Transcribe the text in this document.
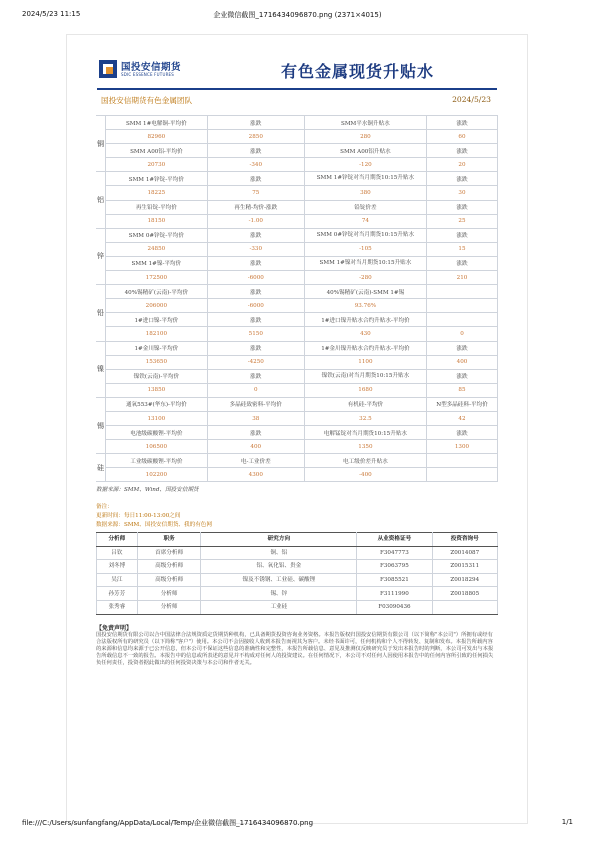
2024/5/23 11:15	企业微信截图_1716434096870.png (2371×4015)
国投安信期货
SDIC ESSENCE FUTURES	有色金属现货升贴水
国投安信期货有色金属团队	2024/5/23
铜	SMM 1#电解铜-平均价	涨跌	SMM平水铜升贴水	涨跌
	82960	2850	280	60
	SMM A00铝-平均价	涨跌	SMM A00铝升贴水	涨跌
	20730	-340	-120	20
铝	SMM 1#锌锭-平均价	涨跌	SMM 1#锌锭对当月期货10:15升贴水	涨跌
	18225	75	380	30
	再生铅锭-平均价	再生精-均价-涨跌	铅锭价差	涨跌
	18150	-1.00	74	25
锌	SMM 0#锌锭-平均价	涨跌	SMM 0#锌锭对当月期货10:15升贴水	涨跌
	24850	-330	-105	15
	SMM 1#镍-平均价	涨跌	SMM 1#镍对当月期货10:15升贴水	涨跌
	172500	-6000	-280	210
铅	40%锡精矿(云南)-平均价	涨跌	40%锡精矿(云南)-SMM 1#锡	
	206000	-6000	93.76%	
	1#进口镍-平均价	涨跌	1#进口镍升贴水合约升贴水-平均价	
	182100	5150	430	0
镍	1#金川镍-平均价	涨跌	1#金川镍升贴水合约升贴水-平均价	涨跌
	153650	-4250	1100	400
	镍铁(云南)-平均价	涨跌	镍铁(云南)对当月期货10:15升贴水	涨跌
	13850	0	1680	85
锡	通氧553#(华东)-平均价	多晶硅致密料-平均价	有机硅-平均价	N型多晶硅料-平均价
	13100	38	32.5	42
	电池级碳酸锂-平均价	涨跌	电解锰锭对当月期货10:15升贴水	涨跌
	106500	400	1350	1300
硅	工业级碳酸锂-平均价	电-工业价差	电工级价差升贴水	
	102200	4300	-400	
数据来源：SMM、Wind、国投安信期货
备注：
更新时间：每日11:00-13:00之间
数据来源：SMM、国投安信期货、我的有色网
分析师	职务	研究方向	从业资格证号	投资咨询号
吕钦	首席分析师	铜、铝	F3047773	Z0014087
刘冬博	高级分析师	铝、氧化铝、贵金	F3063795	Z0015311
吴江	高级分析师	镍及不锈钢、工业硅、碳酸锂	F3085521	Z0018294
孙芳芳	分析师	锡、锌	F3111990	Z0018805
张秀睿	分析师	工业硅	F03090436	
【免责声明】
国投安信期货有限公司以合中国法律合法规资质定货期货种机构，已具备期货投资咨询业务资格。本报告版权归国投安信期货有限公司（以下简称"本公司"）所拥有或经有合法版权所有的研究员（以下简称"客户"）使用。本公司不会因接收人收到本报告而视其为客户。未经书面许可，任何机构和个人不得转发、复制和发布。本报告所载内容的来源和信息均来源于已公开信息，但本公司不保证这些信息的准确性和完整性，本报告所载信息、意见及推测仅反映研究员于发出本报告时的判断，本公司可发出与本报告所载信息不一致的报告。本报告中的信息或所表述的意见并不构成对任何人的投资建议。在任何情况下，本公司不对任何人因使用本报告中的任何内容所引致的任何损失负任何责任，投资者据此做出的任何投资决策与本公司和作者无关。
file:///C:/Users/sunfangfang/AppData/Local/Temp/企业微信截图_1716434096870.png	1/1
